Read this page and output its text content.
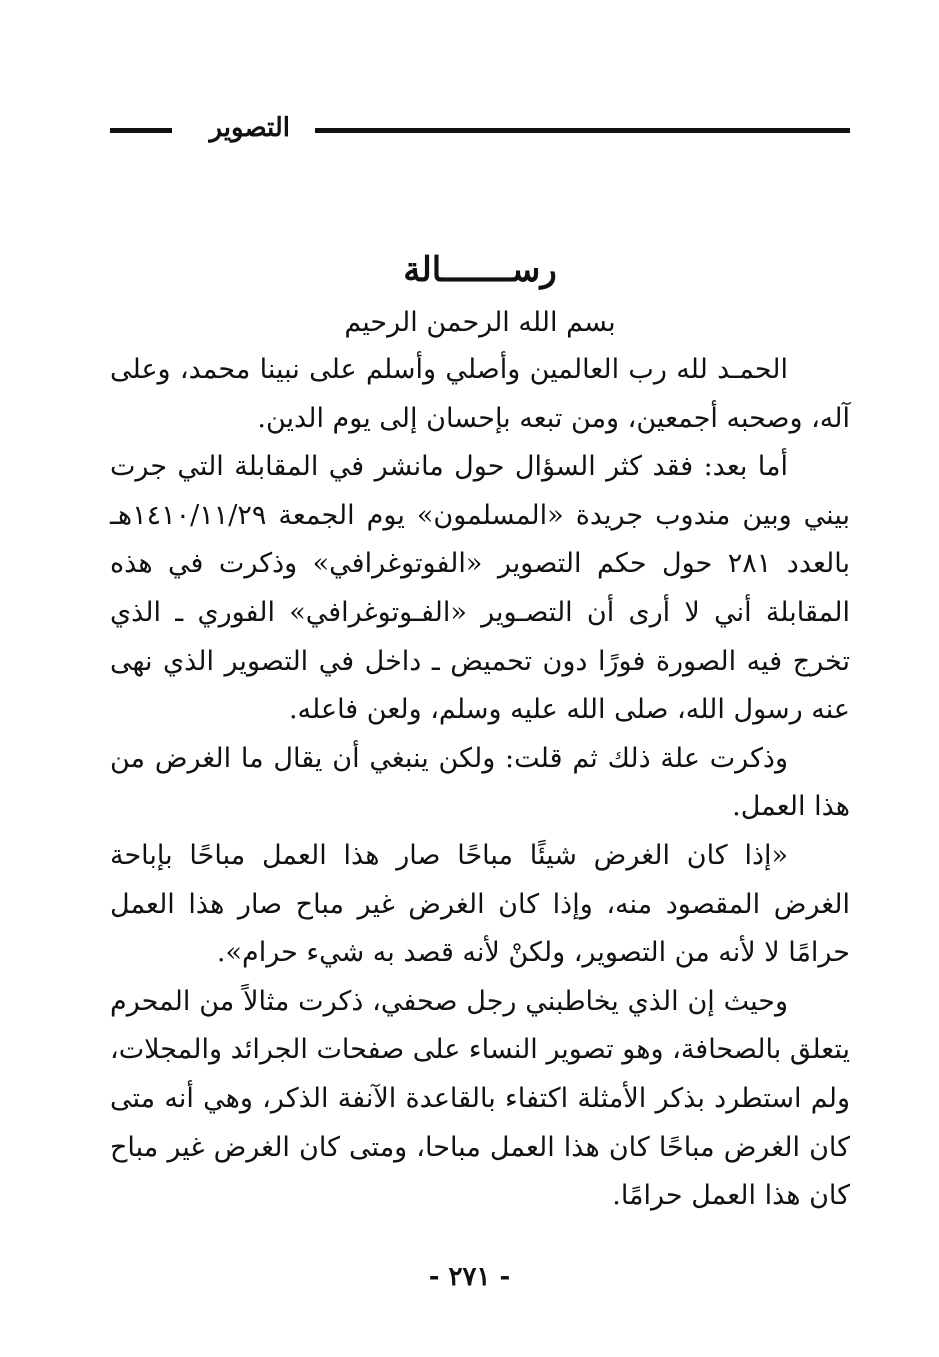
التصوير

رســـــــالة

بسم الله الرحمن الرحيم

الحمـد لله رب العالمين وأصلي وأسلم على نبينا محمد، وعلى آله، وصحبه أجمعين، ومن تبعه بإحسان إلى يوم الدين.

أما بعد: فقد كثر السؤال حول مانشر في المقابلة التي جرت بيني وبين مندوب جريدة «المسلمون» يوم الجمعة ١٤١٠/١١/٢٩هـ بالعدد ٢٨١ حول حكم التصوير «الفوتوغرافي» وذكرت في هذه المقابلة أني لا أرى أن التصـوير «الفـوتوغرافي» الفوري ـ الذي تخرج فيه الصورة فورًا دون تحميض ـ داخل في التصوير الذي نهى عنه رسول الله، صلى الله عليه وسلم، ولعن فاعله.

وذكرت علة ذلك ثم قلت: ولكن ينبغي أن يقال ما الغرض من هذا العمل.

«إذا كان الغرض شيئًا مباحًا صار هذا العمل مباحًا بإباحة الغرض المقصود منه، وإذا كان الغرض غير مباح صار هذا العمل حرامًا لا لأنه من التصوير، ولكنْ لأنه قصد به شيء حرام».

وحيث إن الذي يخاطبني رجل صحفي، ذكرت مثالاً من المحرم يتعلق بالصحافة، وهو تصوير النساء على صفحات الجرائد والمجلات، ولم استطرد بذكر الأمثلة اكتفاء بالقاعدة الآنفة الذكر، وهي أنه متى كان الغرض مباحًا كان هذا العمل مباحا، ومتى كان الغرض غير مباح كان هذا العمل حرامًا.

- ٢٧١ -
